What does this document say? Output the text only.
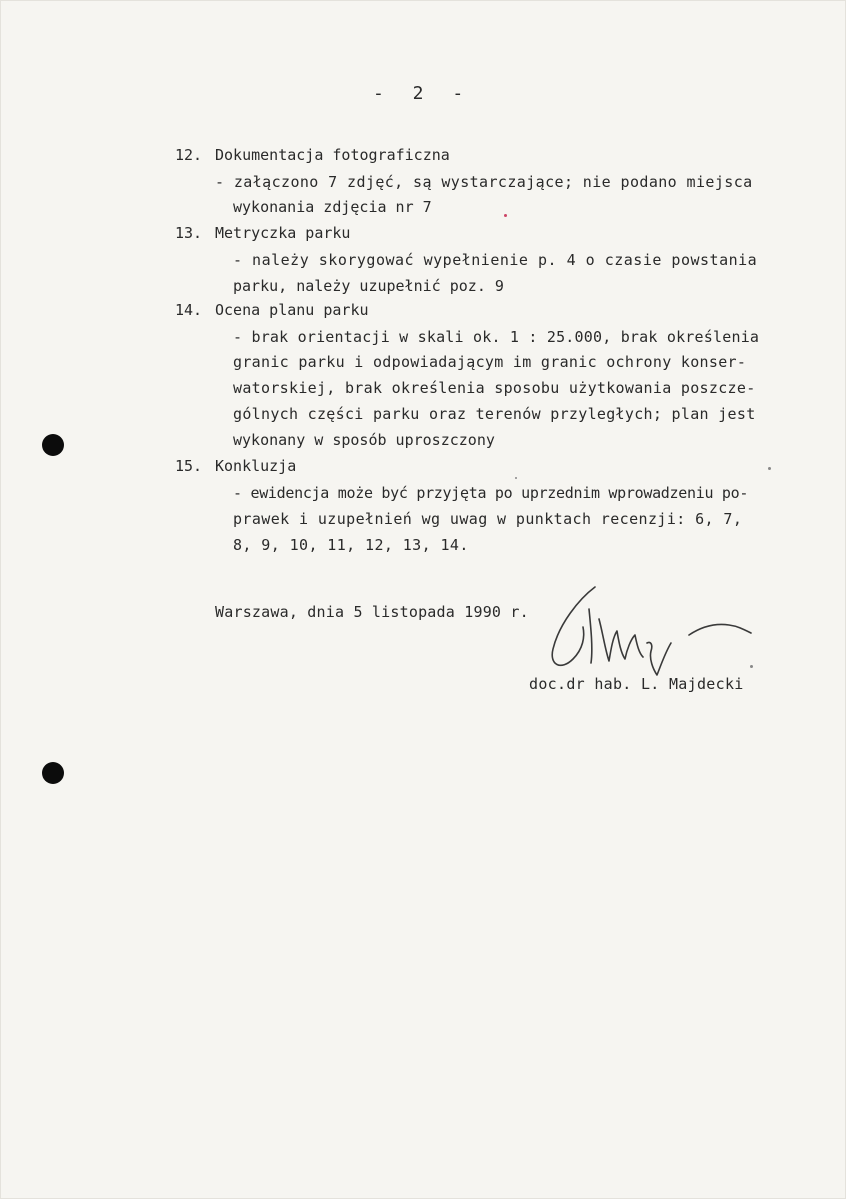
- 2 -
12. Dokumentacja fotograficzna
- załączono 7 zdjęć, są wystarczające; nie podano miejsca
wykonania zdjęcia nr 7
13. Metryczka parku
- należy skorygować wypełnienie p. 4 o czasie powstania
parku, należy uzupełnić poz. 9
14. Ocena planu parku
- brak orientacji w skali ok. 1 : 25.000, brak określenia
granic parku i odpowiadającym im granic ochrony konser-
watorskiej, brak określenia sposobu użytkowania poszcze-
gólnych części parku oraz terenów przyległych; plan jest
wykonany w sposób uproszczony
15. Konkluzja
- ewidencja może być przyjęta po uprzednim wprowadzeniu po-
prawek i uzupełnień wg uwag w punktach recenzji: 6, 7,
8, 9, 10, 11, 12, 13, 14.
Warszawa, dnia 5 listopada 1990 r.
doc.dr hab. L. Majdecki
